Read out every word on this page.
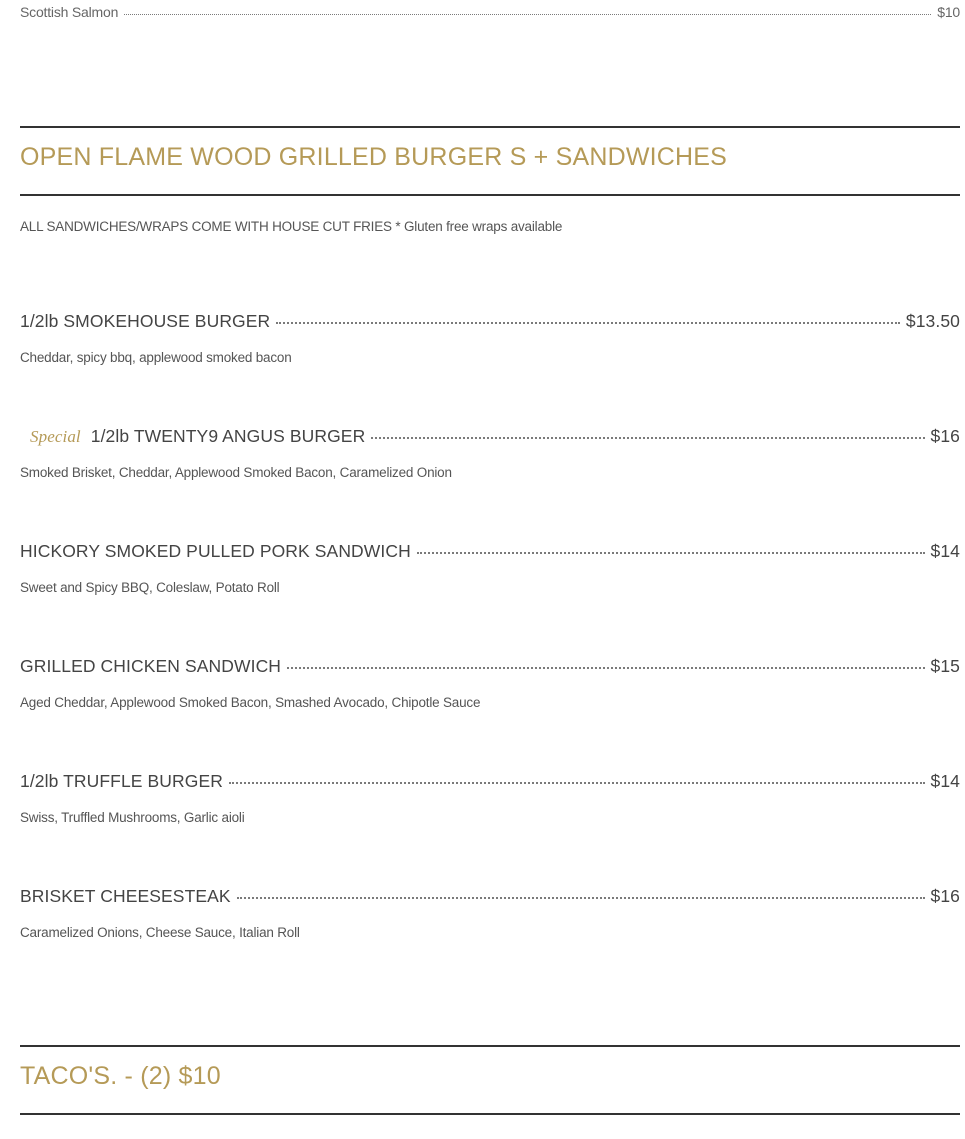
Scottish Salmon	$10
OPEN FLAME WOOD GRILLED BURGER S + SANDWICHES
ALL SANDWICHES/WRAPS COME WITH HOUSE CUT FRIES * Gluten free wraps available
1/2lb SMOKEHOUSE BURGER	$13.50
Cheddar, spicy bbq, applewood smoked bacon
Special 1/2lb TWENTY9 ANGUS BURGER	$16
Smoked Brisket, Cheddar, Applewood Smoked Bacon, Caramelized Onion
HICKORY SMOKED PULLED PORK SANDWICH	$14
Sweet and Spicy BBQ, Coleslaw, Potato Roll
GRILLED CHICKEN SANDWICH	$15
Aged Cheddar, Applewood Smoked Bacon, Smashed Avocado, Chipotle Sauce
1/2lb TRUFFLE BURGER	$14
Swiss, Truffled Mushrooms, Garlic aioli
BRISKET CHEESESTEAK	$16
Caramelized Onions, Cheese Sauce, Italian Roll
TACO'S. - (2) $10
